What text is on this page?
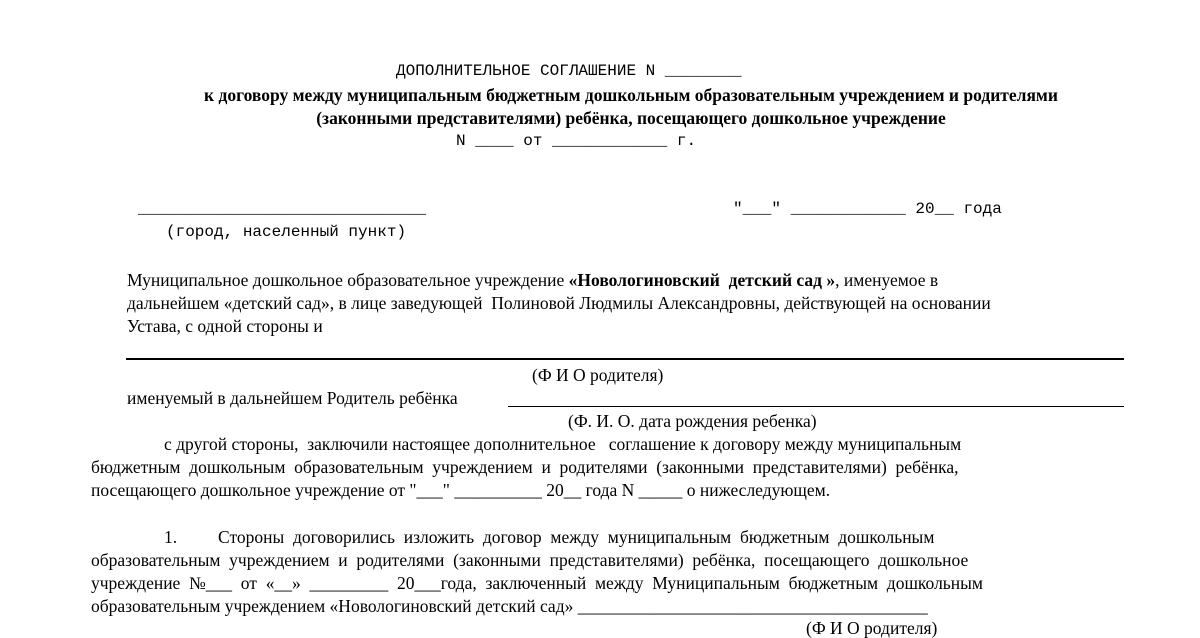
ДОПОЛНИТЕЛЬНОЕ СОГЛАШЕНИЕ N ________
к договору между муниципальным бюджетным дошкольным образовательным учреждением и родителями
(законными представителями) ребёнка, посещающего дошкольное учреждение
N ____ от ____________ г.
______________________________
(город, населенный пункт)
"___" ____________ 20__ года
Муниципальное дошкольное образовательное учреждение «Новологиновский  детский сад », именуемое в
дальнейшем «детский сад», в лице заведующей  Полиновой Людмилы Александровны, действующей на основании
Устава, с одной стороны и
(Ф И О родителя)
именуемый в дальнейшем Родитель ребёнка
(Ф. И. О. дата рождения ребенка)
с другой стороны,  заключили настоящее дополнительное   соглашение к договору между муниципальным
бюджетным  дошкольным  образовательным  учреждением  и  родителями  (законными  представителями)  ребёнка,
посещающего дошкольное учреждение от "___" __________ 20__ года N _____ о нижеследующем.
1. Стороны  договорились  изложить  договор  между  муниципальным  бюджетным  дошкольным
образовательным  учреждением  и  родителями  (законными  представителями)  ребёнка,  посещающего  дошкольное
учреждение  №___  от  «__»  _________  20___года,  заключенный  между  Муниципальным  бюджетным  дошкольным
образовательным учреждением «Новологиновский детский сад» ________________________________________
(Ф И О родителя)
